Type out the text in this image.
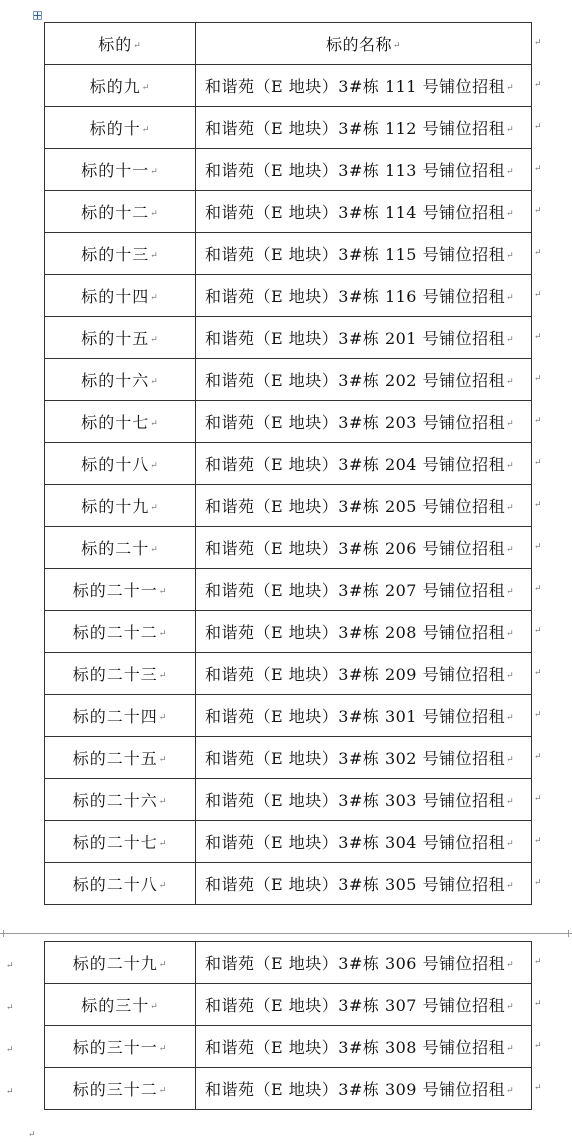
标的↵	标的名称↵
标的九↵	和谐苑（E 地块）3#栋 111 号铺位招租↵
标的十↵	和谐苑（E 地块）3#栋 112 号铺位招租↵
标的十一↵	和谐苑（E 地块）3#栋 113 号铺位招租↵
标的十二↵	和谐苑（E 地块）3#栋 114 号铺位招租↵
标的十三↵	和谐苑（E 地块）3#栋 115 号铺位招租↵
标的十四↵	和谐苑（E 地块）3#栋 116 号铺位招租↵
标的十五↵	和谐苑（E 地块）3#栋 201 号铺位招租↵
标的十六↵	和谐苑（E 地块）3#栋 202 号铺位招租↵
标的十七↵	和谐苑（E 地块）3#栋 203 号铺位招租↵
标的十八↵	和谐苑（E 地块）3#栋 204 号铺位招租↵
标的十九↵	和谐苑（E 地块）3#栋 205 号铺位招租↵
标的二十↵	和谐苑（E 地块）3#栋 206 号铺位招租↵
标的二十一↵	和谐苑（E 地块）3#栋 207 号铺位招租↵
标的二十二↵	和谐苑（E 地块）3#栋 208 号铺位招租↵
标的二十三↵	和谐苑（E 地块）3#栋 209 号铺位招租↵
标的二十四↵	和谐苑（E 地块）3#栋 301 号铺位招租↵
标的二十五↵	和谐苑（E 地块）3#栋 302 号铺位招租↵
标的二十六↵	和谐苑（E 地块）3#栋 303 号铺位招租↵
标的二十七↵	和谐苑（E 地块）3#栋 304 号铺位招租↵
标的二十八↵	和谐苑（E 地块）3#栋 305 号铺位招租↵
标的二十九↵	和谐苑（E 地块）3#栋 306 号铺位招租↵
标的三十↵	和谐苑（E 地块）3#栋 307 号铺位招租↵
标的三十一↵	和谐苑（E 地块）3#栋 308 号铺位招租↵
标的三十二↵	和谐苑（E 地块）3#栋 309 号铺位招租↵
↵
↵
↵
↵
↵
↵
↵
↵
↵
↵
↵
↵
↵
↵
↵
↵
↵
↵
↵
↵
↵
↵
↵
↵
↵
↵
↵
↵
↵
↵
